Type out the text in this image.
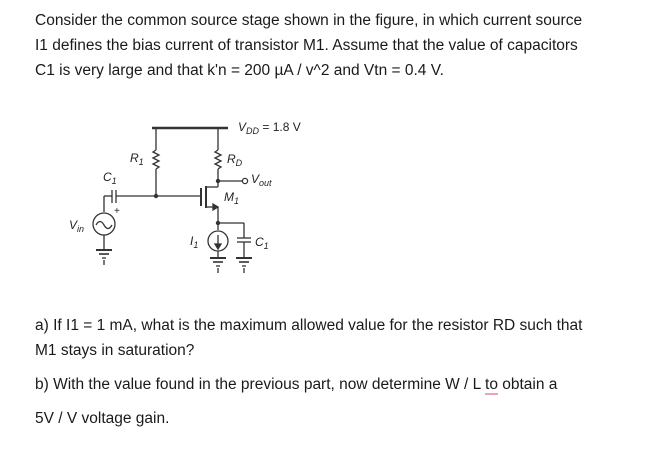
Consider the common source stage shown in the figure, in which current source
I1 defines the bias current of transistor M1. Assume that the value of capacitors
C1 is very large and that k'n = 200 µA / v^2 and Vtn = 0.4 V.
$V_{DD} = 1.8$ V
$R_1$	$R_D$
$C_1$	$V_{out}$
$M_1$
$V_{in}$
+
$I_1$	$C_1$
a) If I1 = 1 mA, what is the maximum allowed value for the resistor RD such that
M1 stays in saturation?
b) With the value found in the previous part, now determine W / L to obtain a
5V / V voltage gain.
